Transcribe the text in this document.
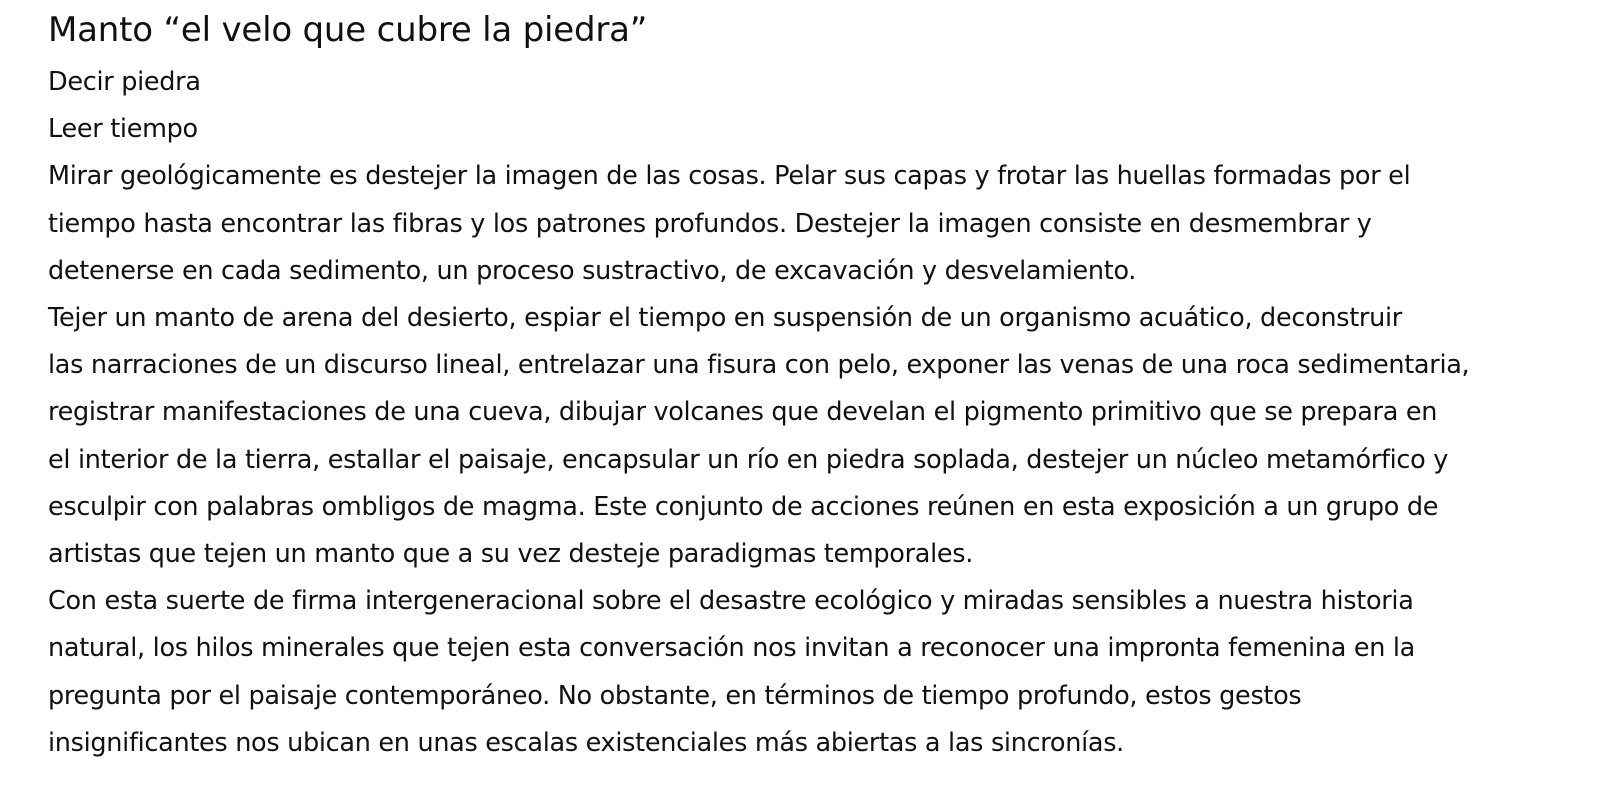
Manto “el velo que cubre la piedra”

Decir piedra

Leer tiempo

Mirar geológicamente es destejer la imagen de las cosas. Pelar sus capas y frotar las huellas formadas por el

tiempo hasta encontrar las fibras y los patrones profundos. Destejer la imagen consiste en desmembrar y

detenerse en cada sedimento, un proceso sustractivo, de excavación y desvelamiento.

Tejer un manto de arena del desierto, espiar el tiempo en suspensión de un organismo acuático, deconstruir

las narraciones de un discurso lineal, entrelazar una fisura con pelo, exponer las venas de una roca sedimentaria,

registrar manifestaciones de una cueva, dibujar volcanes que develan el pigmento primitivo que se prepara en

el interior de la tierra, estallar el paisaje, encapsular un río en piedra soplada, destejer un núcleo metamórfico y

esculpir con palabras ombligos de magma. Este conjunto de acciones reúnen en esta exposición a un grupo de

artistas que tejen un manto que a su vez desteje paradigmas temporales.

Con esta suerte de firma intergeneracional sobre el desastre ecológico y miradas sensibles a nuestra historia

natural, los hilos minerales que tejen esta conversación nos invitan a reconocer una impronta femenina en la

pregunta por el paisaje contemporáneo. No obstante, en términos de tiempo profundo, estos gestos

insignificantes nos ubican en unas escalas existenciales más abiertas a las sincronías.
